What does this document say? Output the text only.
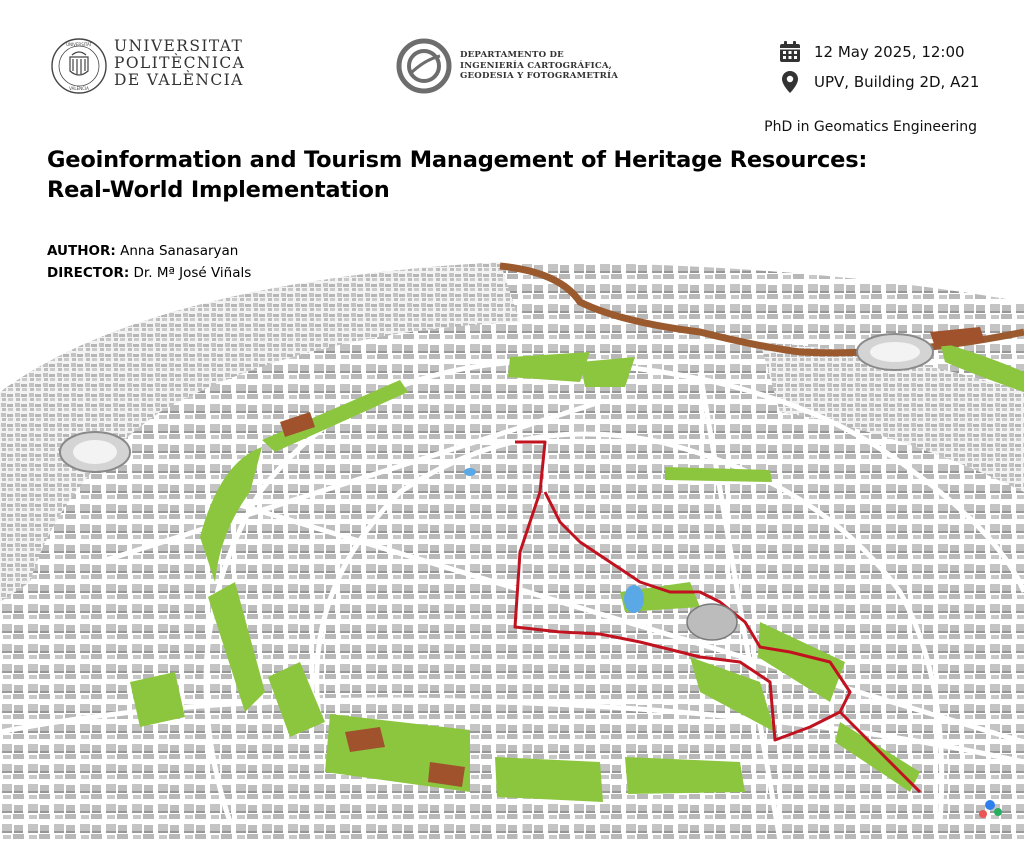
UNIVERSITAT
VALÈNCIA
UNIVERSITAT
POLITÈCNICA
DE VALÈNCIA
DEPARTAMENTO DE
INGENIERÍA CARTOGRÁFICA,
GEODESIA Y FOTOGRAMETRÍA
12 May 2025, 12:00
UPV, Building 2D, A21
PhD in Geomatics Engineering
Geoinformation and Tourism Management of Heritage Resources:
Real-World Implementation
AUTHOR: Anna Sanasaryan
DIRECTOR: Dr. Mª José Viñals
